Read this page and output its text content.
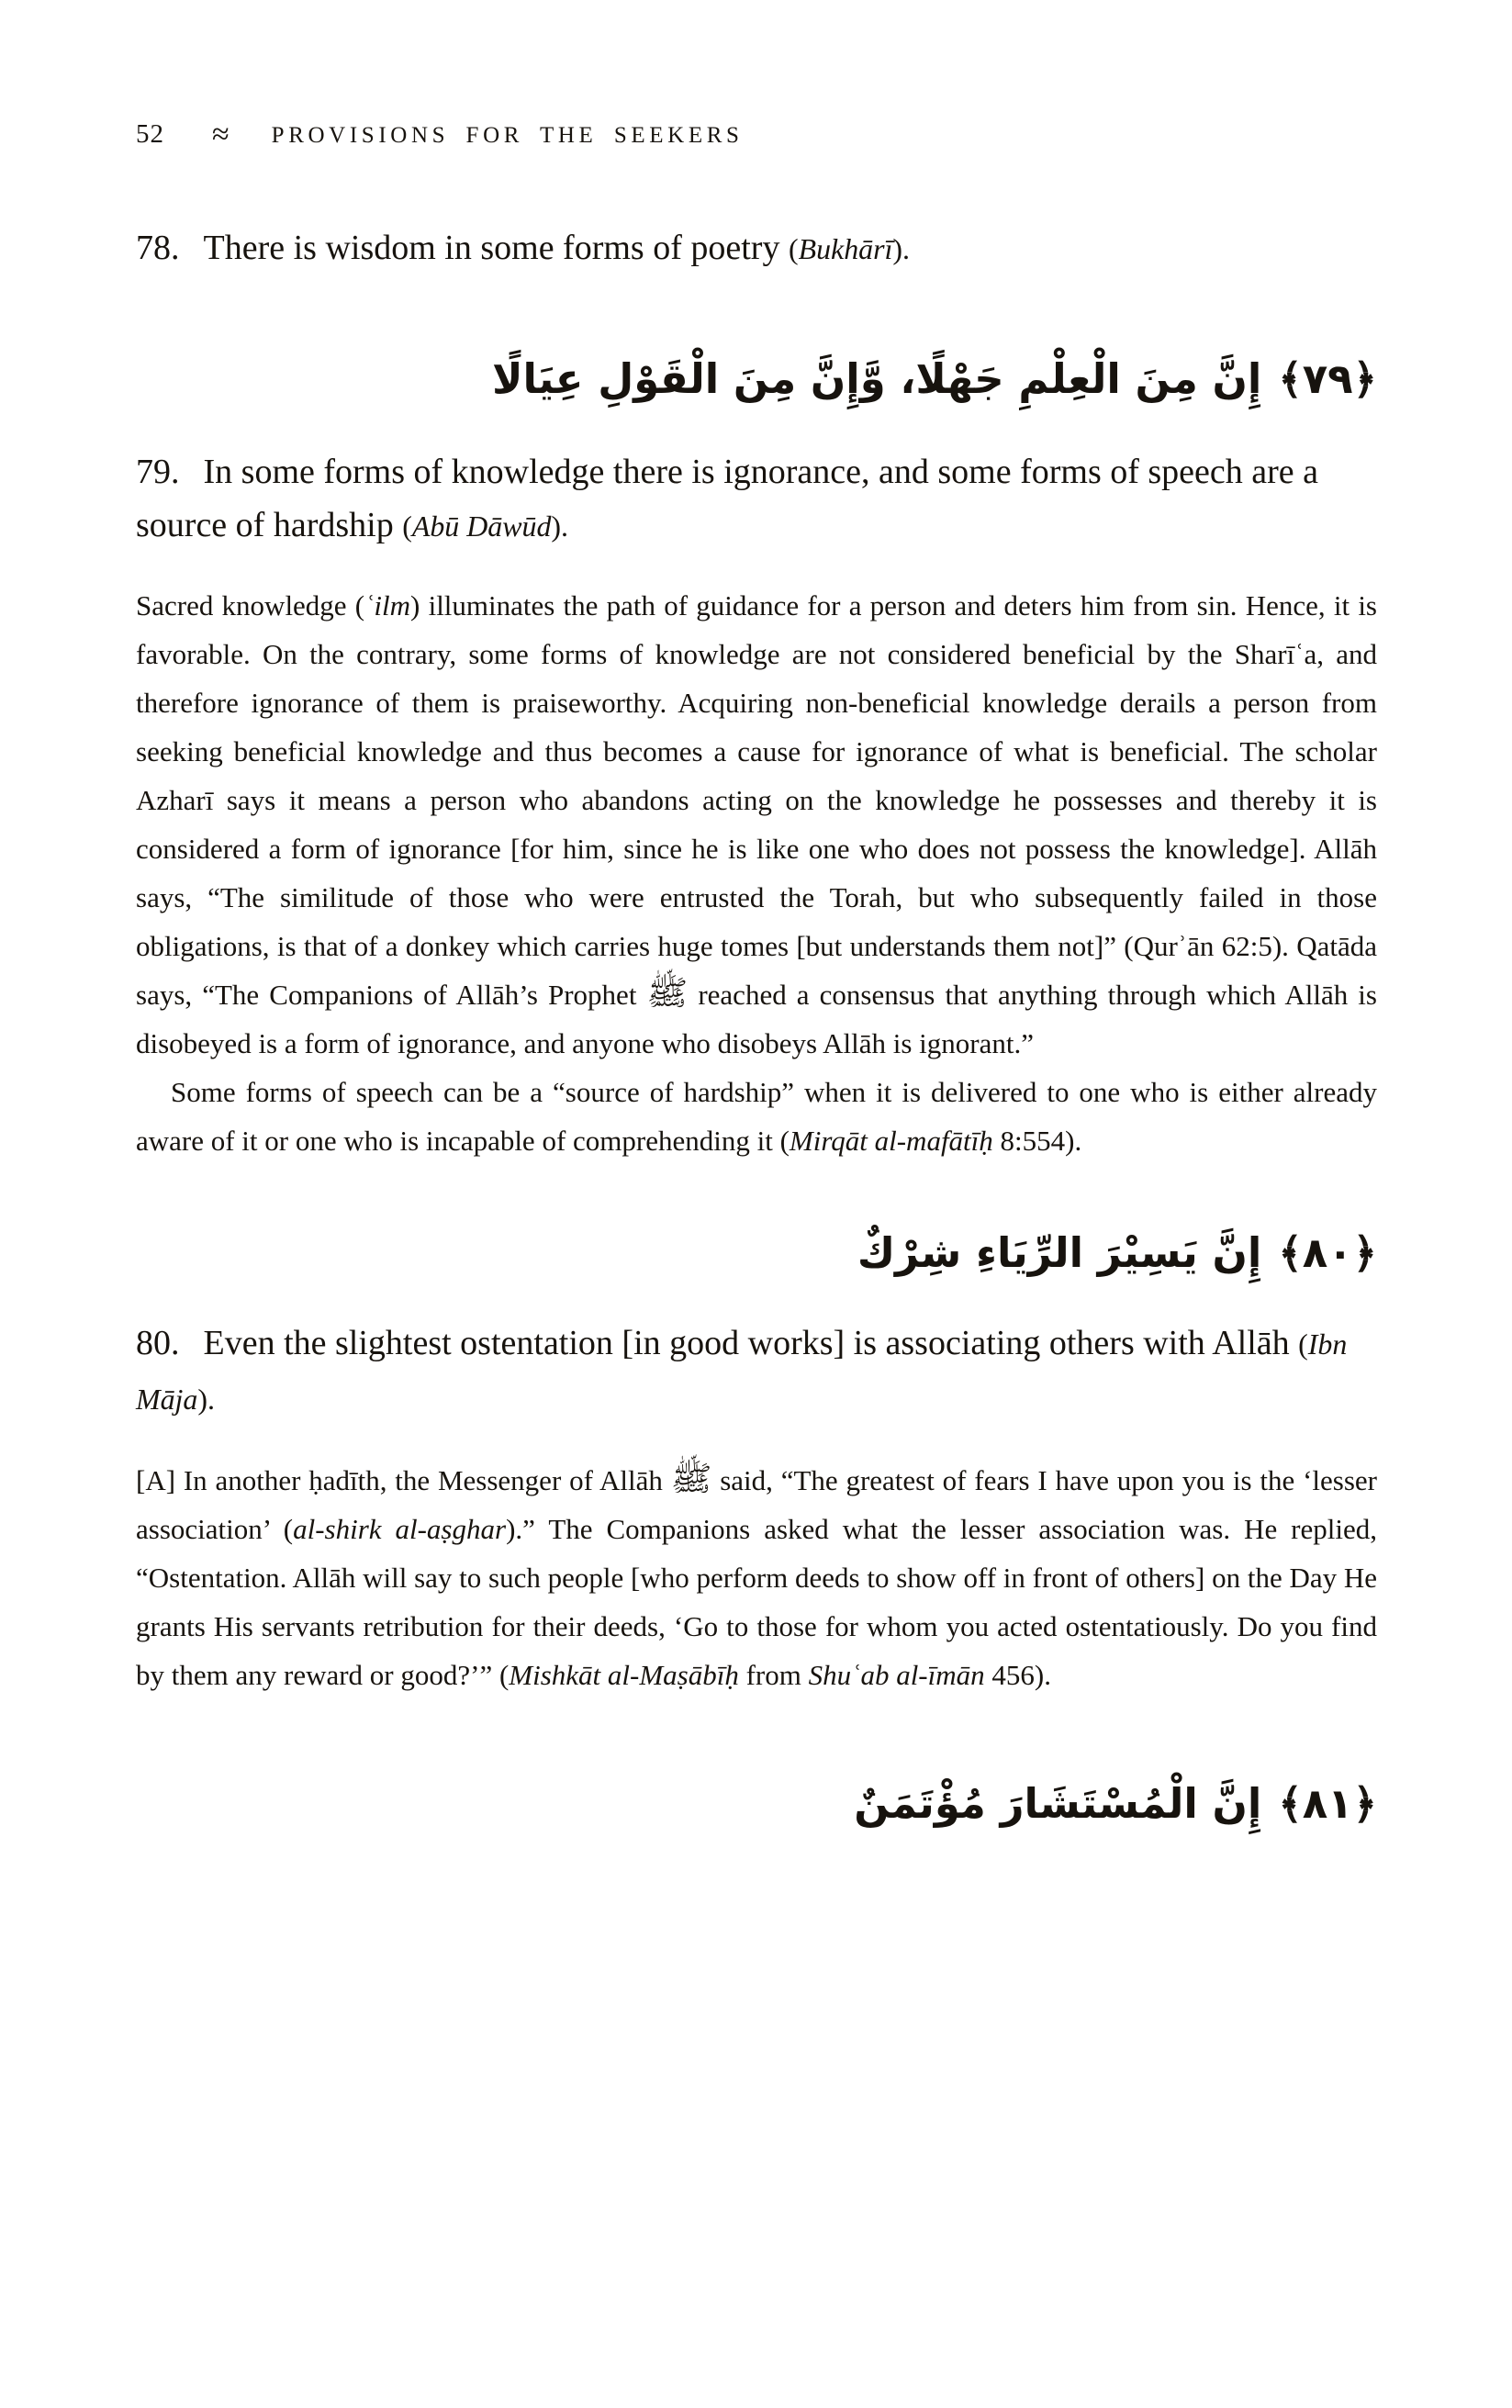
52 ≈ PROVISIONS FOR THE SEEKERS
78. There is wisdom in some forms of poetry (Bukhārī).
﴿٧٩﴾إِنَّ مِنَ الْعِلْمِ جَهْلًا، وَّإِنَّ مِنَ الْقَوْلِ عِيَالًا
79. In some forms of knowledge there is ignorance, and some forms of speech are a source of hardship (Abū Dāwūd).
Sacred knowledge (ʿilm) illuminates the path of guidance for a person and deters him from sin. Hence, it is favorable. On the contrary, some forms of knowledge are not considered beneficial by the Sharīʿa, and therefore ignorance of them is praiseworthy. Acquiring non-beneficial knowledge derails a person from seeking beneficial knowledge and thus becomes a cause for ignorance of what is beneficial. The scholar Azharī says it means a person who abandons acting on the knowledge he possesses and thereby it is considered a form of ignorance [for him, since he is like one who does not possess the knowledge]. Allāh says, “The similitude of those who were entrusted the Torah, but who subsequently failed in those obligations, is that of a donkey which carries huge tomes [but understands them not]” (Qurʾān 62:5). Qatāda says, “The Companions of Allāh’s Prophet ﷺ reached a consensus that anything through which Allāh is disobeyed is a form of ignorance, and anyone who disobeys Allāh is ignorant.”
Some forms of speech can be a “source of hardship” when it is delivered to one who is either already aware of it or one who is incapable of comprehending it (Mirqāt al-mafātīḥ 8:554).
﴿٨٠﴾إِنَّ يَسِيْرَ الرِّيَاءِ شِرْكٌ
80. Even the slightest ostentation [in good works] is associating others with Allāh (Ibn Māja).
[A] In another ḥadīth, the Messenger of Allāh ﷺ said, “The greatest of fears I have upon you is the ‘lesser association’ (al-shirk al-aṣghar).” The Companions asked what the lesser association was. He replied, “Ostentation. Allāh will say to such people [who perform deeds to show off in front of others] on the Day He grants His servants retribution for their deeds, ‘Go to those for whom you acted ostentatiously. Do you find by them any reward or good?’” (Mishkāt al-Maṣābīḥ from Shuʿab al-īmān 456).
﴿٨١﴾إِنَّ الْمُسْتَشَارَ مُؤْتَمَنٌ
